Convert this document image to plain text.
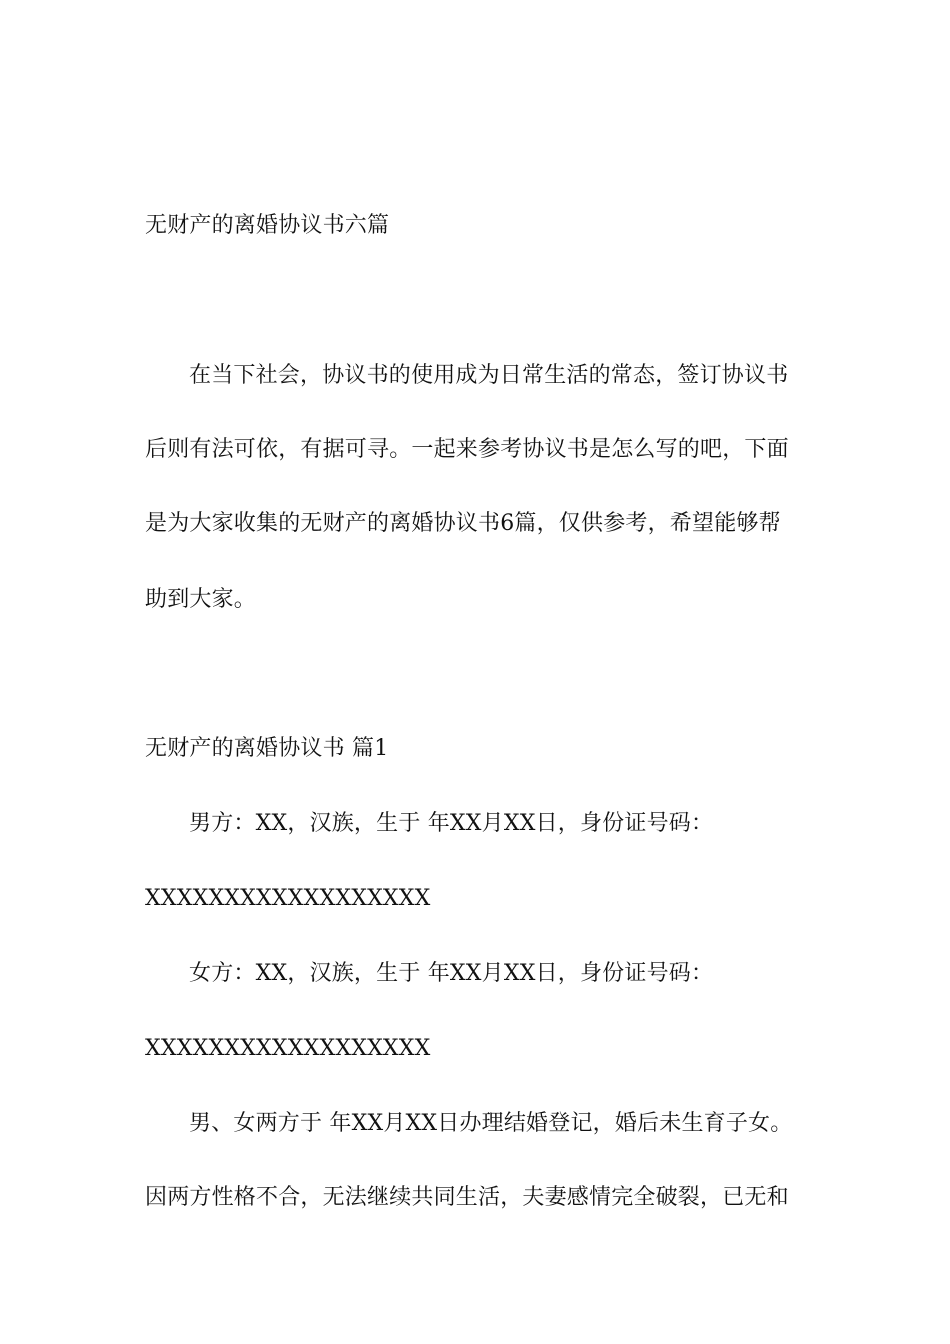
无财产的离婚协议书六篇
在当下社会，协议书的使用成为日常生活的常态，签订协议书
后则有法可依，有据可寻。一起来参考协议书是怎么写的吧，下面
是为大家收集的无财产的离婚协议书6篇，仅供参考，希望能够帮
助到大家。
无财产的离婚协议书 篇1
男方：XX，汉族，生于 年XX月XX日，身份证号码：
XXXXXXXXXXXXXXXXXX
女方：XX，汉族，生于 年XX月XX日，身份证号码：
XXXXXXXXXXXXXXXXXX
男、女两方于 年XX月XX日办理结婚登记，婚后未生育子女。
因两方性格不合，无法继续共同生活，夫妻感情完全破裂，已无和
